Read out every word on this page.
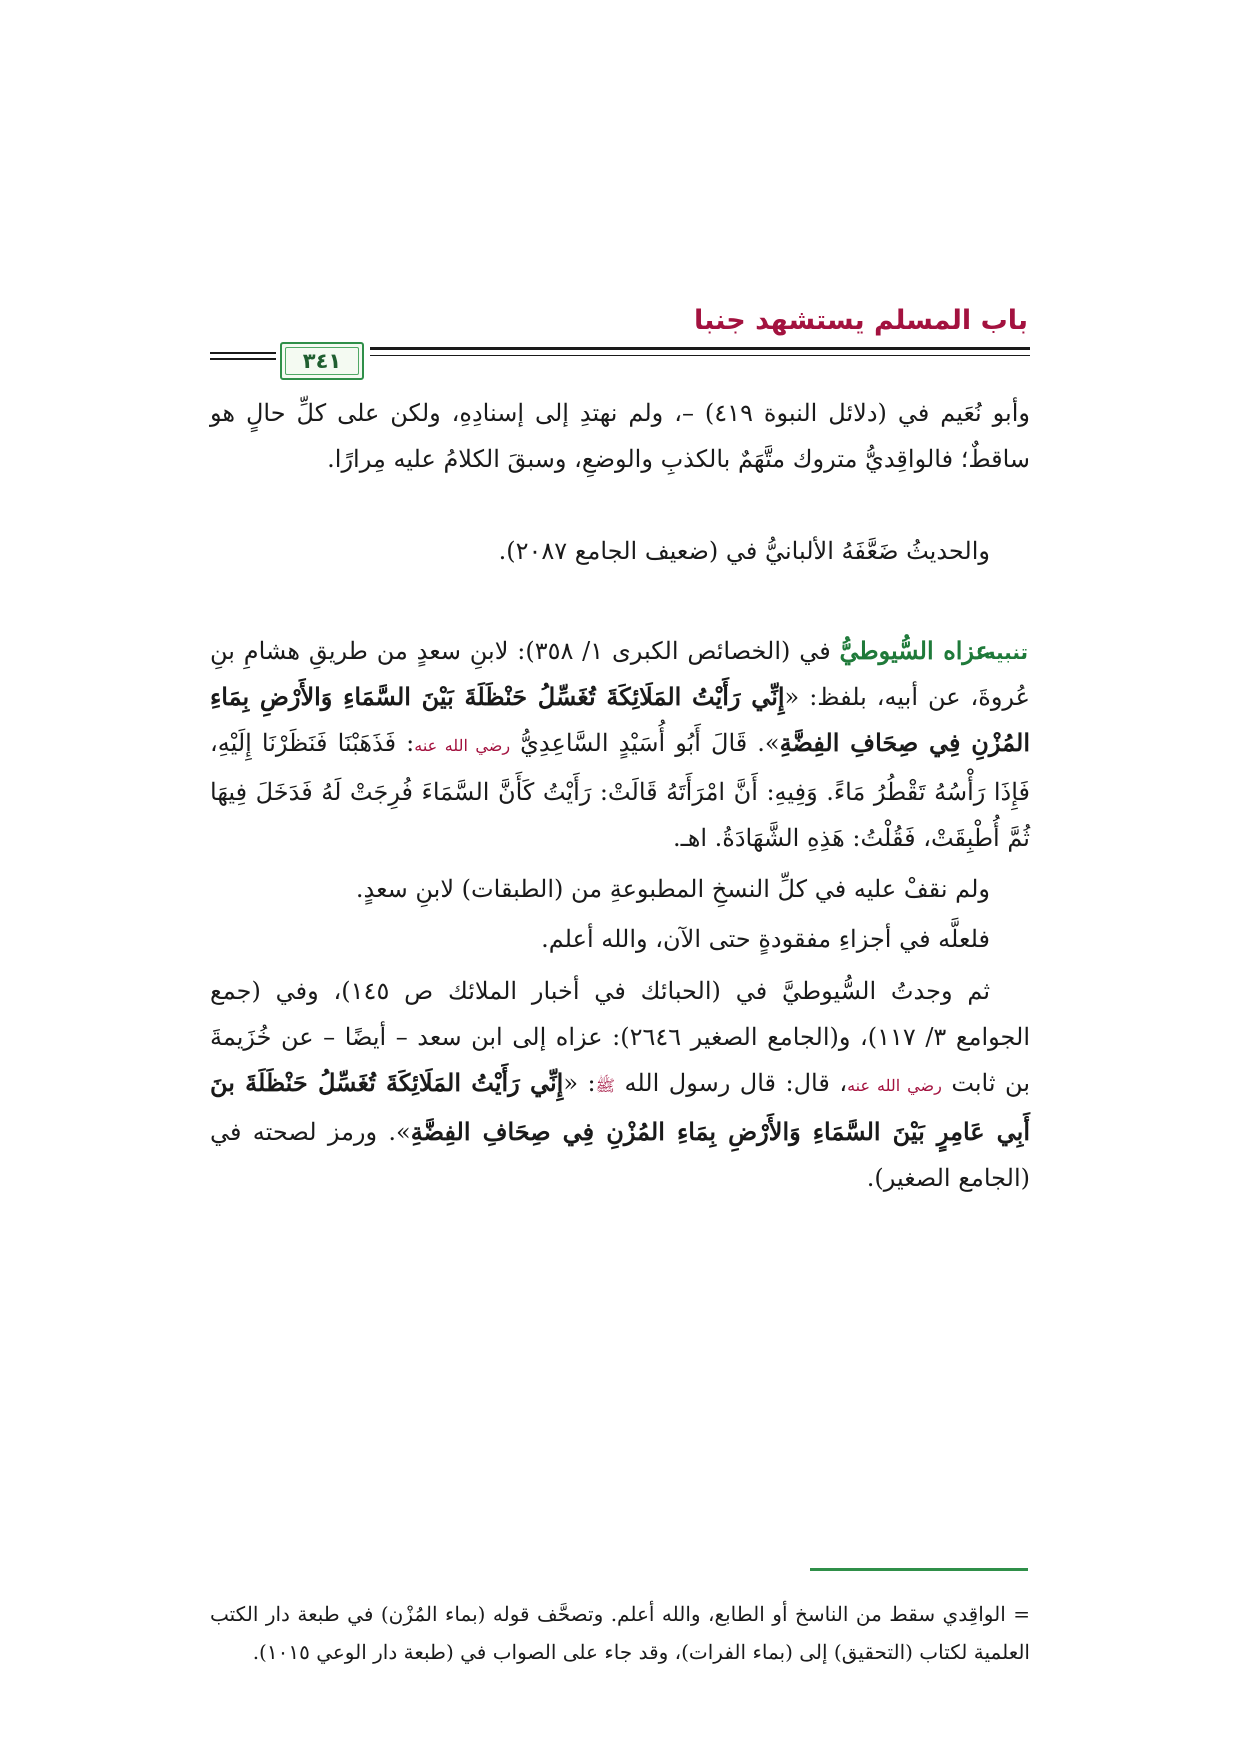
باب المسلم يستشهد جنبا
٣٤١
وأبو نُعَيم في (دلائل النبوة ٤١٩) –، ولم نهتدِ إلى إسنادِهِ، ولكن على كلِّ حالٍ هو ساقطٌ؛ فالواقِديُّ متروك متَّهَمٌ بالكذبِ والوضعِ، وسبقَ الكلامُ عليه مِرارًا.
والحديثُ ضَعَّفَهُ الألبانيُّ في (ضعيف الجامع ٢٠٨٧).
تنبيه:
عزاه السُّيوطيُّ في (الخصائص الكبرى ١/ ٣٥٨): لابنِ سعدٍ من طريقِ هشامِ بنِ عُروةَ، عن أبيه، بلفظ: «إِنِّي رَأَيْتُ المَلَائِكَةَ تُغَسِّلُ حَنْظَلَةَ بَيْنَ السَّمَاءِ وَالأَرْضِ بِمَاءِ المُزْنِ فِي صِحَافِ الفِضَّةِ». قَالَ أَبُو أُسَيْدٍ السَّاعِدِيُّ رضي الله عنه: فَذَهَبْنَا فَنَظَرْنَا إِلَيْهِ، فَإِذَا رَأْسُهُ تَقْطُرُ مَاءً. وَفِيهِ: أَنَّ امْرَأَتَهُ قَالَتْ: رَأَيْتُ كَأَنَّ السَّمَاءَ فُرِجَتْ لَهُ فَدَخَلَ فِيهَا ثُمَّ أُطْبِقَتْ، فَقُلْتُ: هَذِهِ الشَّهَادَةُ. اهـ.
ولم نقفْ عليه في كلِّ النسخِ المطبوعةِ من (الطبقات) لابنِ سعدٍ.
فلعلَّه في أجزاءِ مفقودةٍ حتى الآن، والله أعلم.
ثم وجدتُ السُّيوطيَّ في (الحبائك في أخبار الملائك ص ١٤٥)، وفي (جمع الجوامع ٣/ ١١٧)، و(الجامع الصغير ٢٦٤٦): عزاه إلى ابن سعد – أيضًا – عن خُزَيمةَ بن ثابت رضي الله عنه، قال: قال رسول الله ﷺ: «إِنِّي رَأَيْتُ المَلَائِكَةَ تُغَسِّلُ حَنْظَلَةَ بنَ أَبِي عَامِرٍ بَيْنَ السَّمَاءِ وَالأَرْضِ بِمَاءِ المُزْنِ فِي صِحَافِ الفِضَّةِ». ورمز لصحته في (الجامع الصغير).
= الواقِدي سقط من الناسخ أو الطابع، والله أعلم. وتصحَّف قوله (بماء المُزْن) في طبعة دار الكتب العلمية لكتاب (التحقيق) إلى (بماء الفرات)، وقد جاء على الصواب في (طبعة دار الوعي ١٠١٥).
